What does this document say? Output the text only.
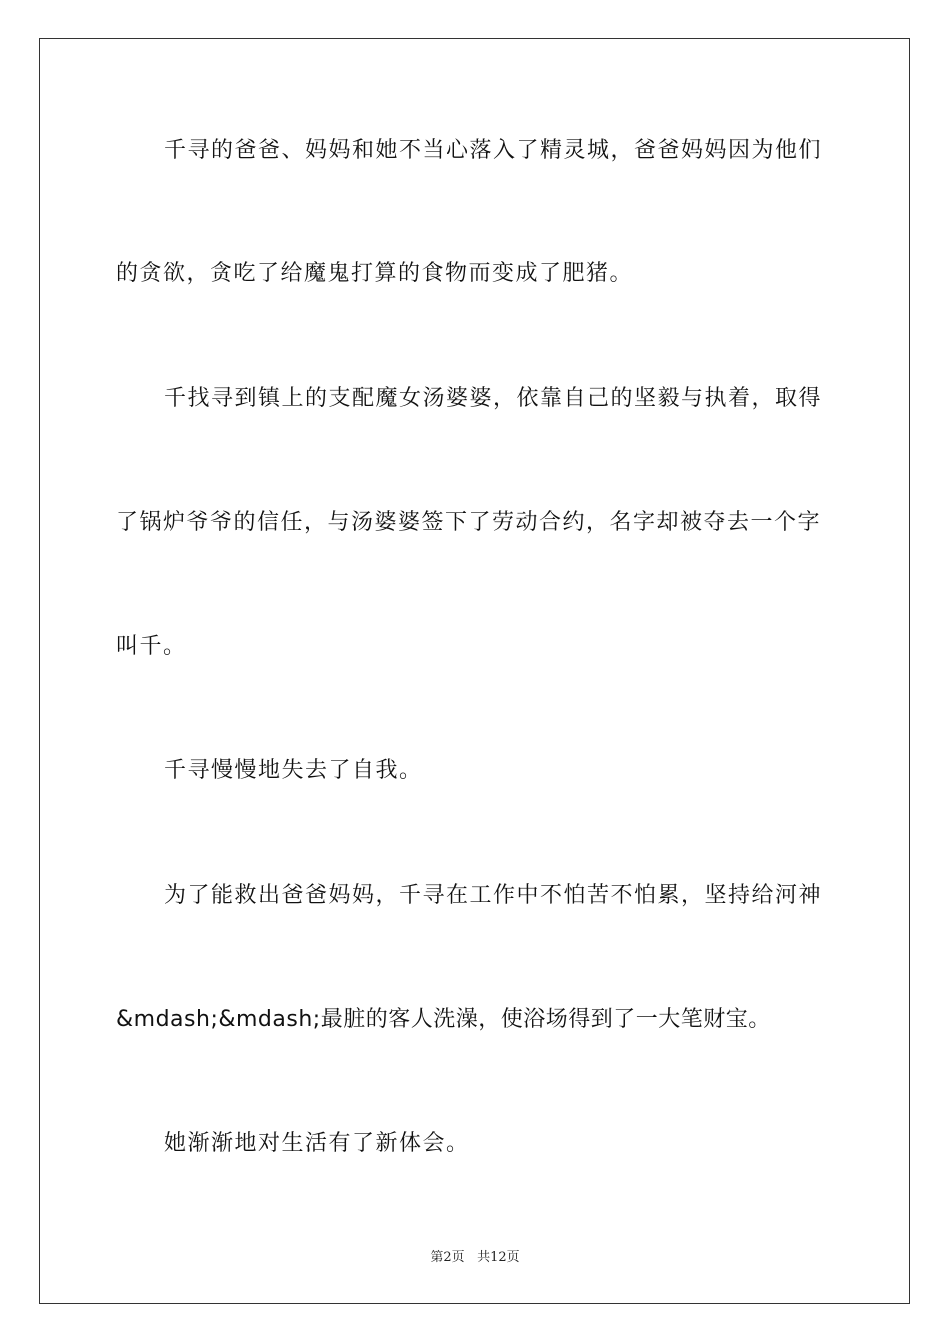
千寻的爸爸、妈妈和她不当心落入了精灵城，爸爸妈妈因为他们
的贪欲，贪吃了给魔鬼打算的食物而变成了肥猪。
千找寻到镇上的支配魔女汤婆婆，依靠自己的坚毅与执着，取得
了锅炉爷爷的信任，与汤婆婆签下了劳动合约，名字却被夺去一个字
叫千。
千寻慢慢地失去了自我。
为了能救出爸爸妈妈，千寻在工作中不怕苦不怕累，坚持给河神
&mdash;&mdash;最脏的客人洗澡，使浴场得到了一大笔财宝。
她渐渐地对生活有了新体会。
第2页 共12页
